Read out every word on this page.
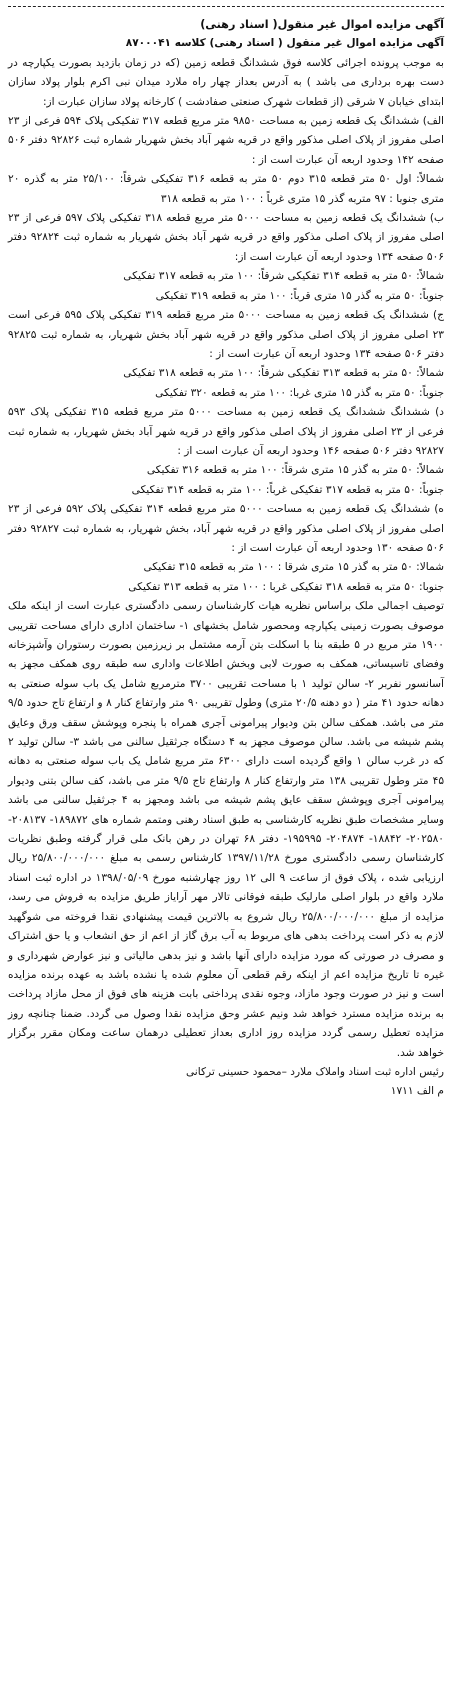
آگهی مزایده اموال غیر منقول( اسناد رهنی)

آگهی مزایده اموال غیر منقول ( اسناد رهنی) کلاسه ۸۷۰۰۰۴۱

به موجب پرونده اجرائی کلاسه فوق ششدانگ قطعه زمین (که در زمان بازدید بصورت یکپارچه در دست بهره برداری می باشد ) به آدرس بعداز چهار راه ملارد میدان نبی اکرم بلوار پولاد سازان ابتدای خیابان ۷ شرقی (از قطعات شهرک صنعتی صفادشت ) کارخانه پولاد سازان عبارت از:

الف) ششدانگ یک قطعه زمین به مساحت ۹۸۵۰ متر مربع قطعه ۳۱۷ تفکیکی پلاک ۵۹۴ فرعی از ۲۳ اصلی مفروز از پلاک اصلی مذکور واقع در قریه شهر آباد بخش شهریار شماره ثبت ۹۲۸۲۶ دفتر ۵۰۶ صفحه ۱۴۲ وحدود اربعه آن عبارت است از :

شمالاً: اول ۵۰ متر قطعه ۳۱۵ دوم ۵۰ متر به قطعه ۳۱۶ تفکیکی شرقاً: ۲۵/۱۰۰ متر به گذره ۲۰ متری جنوبا : ۹۷ متربه گذر ۱۵ متری غرباً : ۱۰۰ متر به قطعه ۳۱۸

ب) ششدانگ یک قطعه زمین به مساحت ۵۰۰۰ متر مربع قطعه ۳۱۸ تفکیکی پلاک ۵۹۷ فرعی از ۲۳ اصلی مفروز از پلاک اصلی مذکور واقع در قریه شهر آباد بخش شهریار به شماره ثبت ۹۲۸۲۴ دفتر ۵۰۶ صفحه ۱۳۴ وحدود اربعه آن عبارت است از:

شمالاً: ۵۰ متر به قطعه ۳۱۴ تفکیکی شرقاً: ۱۰۰ متر به قطعه ۳۱۷ تفکیکی

جنوباً: ۵۰ متر به گذر ۱۵ متری قرباً: ۱۰۰ متر به قطعه ۳۱۹ تفکیکی

ج) ششدانگ یک قطعه زمین به مساحت ۵۰۰۰ متر مربع قطعه ۳۱۹ تفکیکی پلاک ۵۹۵ فرعی است ۲۳ اصلی مفروز از پلاک اصلی مذکور واقع در قریه شهر آباد بخش شهریار، به شماره ثبت ۹۲۸۲۵ دفتر ۵۰۶ صفحه ۱۳۴ وحدود اربعه آن عبارت است از :

شمالاً: ۵۰ متر به قطعه ۳۱۳ تفکیکی شرقاً: ۱۰۰ متر به قطعه ۳۱۸ تفکیکی

جنوباً: ۵۰ متر به گذر ۱۵ متری غربا: ۱۰۰ متر به قطعه ۳۲۰ تفکیکی

د) ششدانگ ششدانگ یک قطعه زمین به مساحت ۵۰۰۰ متر مربع قطعه ۳۱۵ تفکیکی پلاک ۵۹۳ فرعی از ۲۳ اصلی مفروز از پلاک اصلی مذکور واقع در قریه شهر آباد بخش شهریار، به شماره ثبت ۹۲۸۲۷ دفتر ۵۰۶ صفحه ۱۴۶ وحدود اربعه آن عبارت است از :

شمالاً: ۵۰ متر به گذر ۱۵ متری شرقاً: ۱۰۰ متر به قطعه ۳۱۶ تفکیکی

جنوباً: ۵۰ متر به قطعه ۳۱۷ تفکیکی غرباً: ۱۰۰ متر به قطعه ۳۱۴ تفکیکی

ه) ششدانگ یک قطعه زمین به مساحت ۵۰۰۰ متر مربع قطعه ۳۱۴ تفکیکی پلاک ۵۹۲ فرعی از ۲۳ اصلی مفروز از پلاک اصلی مذکور واقع در قریه شهر آباد، بخش شهریار، به شماره ثبت ۹۲۸۲۷ دفتر ۵۰۶ صفحه ۱۳۰ وحدود اربعه آن عبارت است از :

شمالا: ۵۰ متر به گذر ۱۵ متری شرقا : ۱۰۰ متر به قطعه ۳۱۵ تفکیکی

جنوبا: ۵۰ متر به قطعه ۳۱۸ تفکیکی غربا : ۱۰۰ متر به قطعه ۳۱۳ تفکیکی

توصیف اجمالی ملک براساس نظریه هیات کارشناسان رسمی دادگستری عبارت است از اینکه ملک موصوف بصورت زمینی یکپارچه ومحصور شامل بخشهای ۱- ساختمان اداری دارای مساحت تقریبی ۱۹۰۰ متر مربع در ۵ طبقه بنا با اسکلت بتن آرمه مشتمل بر زیرزمین بصورت رستوران وآشپزخانه وفضای تاسیساتی، همکف به صورت لابی وبخش اطلاعات واداری سه طبقه روی همکف مجهز به آسانسور نفربر ۲- سالن تولید ۱ با مساحت تقریبی ۳۷۰۰ مترمربع شامل یک باب سوله صنعتی به دهانه حدود ۴۱ متر ( دو دهنه ۲۰/۵ متری) وطول تقریبی ۹۰ متر وارتفاع کنار ۸ و ارتفاع تاج حدود ۹/۵ متر می باشد. همکف سالن بتن ودیوار پیرامونی آجری همراه با پنجره وپوشش سقف ورق وعایق پشم شیشه می باشد. سالن موصوف مجهز به ۴ دستگاه جرثقیل سالنی می باشد ۳- سالن تولید ۲ که در غرب سالن ۱ واقع گردیده است دارای ۶۳۰۰ متر مربع شامل یک باب سوله صنعتی به دهانه ۴۵ متر وطول تقریبی ۱۳۸ متر وارتفاع کنار ۸ وارتفاع تاج ۹/۵ متر می باشد، کف سالن بتنی ودیوار پیرامونی آجری وپوشش سقف عایق پشم شیشه می باشد ومجهز به ۴ جرثقیل سالنی می باشد وسایر مشخصات طبق نظریه کارشناسی به طبق اسناد رهنی ومتمم شماره های ۱۸۹۸۷۲- ۲۰۸۱۳۷- ۲۰۲۵۸۰- ۱۸۸۴۲- ۲۰۴۸۷۴- ۱۹۵۹۹۵- دفتر ۶۸ تهران در رهن بانک ملی قرار گرفته وطبق نظریات کارشناسان رسمی دادگستری مورخ ۱۳۹۷/۱۱/۲۸ کارشناس رسمی به مبلغ ۲۵/۸۰۰/۰۰۰/۰۰۰ ریال ارزیابی شده ، پلاک فوق از ساعت ۹ الی ۱۲ روز چهارشنبه مورخ ۱۳۹۸/۰۵/۰۹ در اداره ثبت اسناد ملارد واقع در بلوار اصلی مارلیک طبقه فوقانی تالار مهر آرایاز طریق مزایده به فروش می رسد، مزایده از مبلغ ۲۵/۸۰۰/۰۰۰/۰۰۰ ریال شروع به بالاترین قیمت پیشنهادی نقدا فروخته می شوگهید لازم به ذکر است پرداخت بدهی های مربوط به آب برق گاز از اعم از حق انشعاب و یا حق اشتراک و مصرف در صورتی که مورد مزایده دارای آنها باشد و نیز بدهی مالیاتی و نیز عوارض شهرداری و غیره تا تاریخ مزایده اعم از اینکه رقم قطعی آن معلوم شده یا نشده باشد به عهده برنده مزایده است و نیز در صورت وجود مازاد، وجوه نقدی پرداختی بابت هزینه های فوق از محل مازاد پرداخت به برنده مزایده مسترد خواهد شد ونیم عشر وحق مزایده نقدا وصول می گردد. ضمنا چنانچه روز مزایده تعطیل رسمی گردد مزایده روز اداری بعداز تعطیلی درهمان ساعت ومکان مقرر برگزار خواهد شد.

رئیس اداره ثبت اسناد واملاک ملارد –محمود حسینی ترکانی

م الف ۱۷۱۱
